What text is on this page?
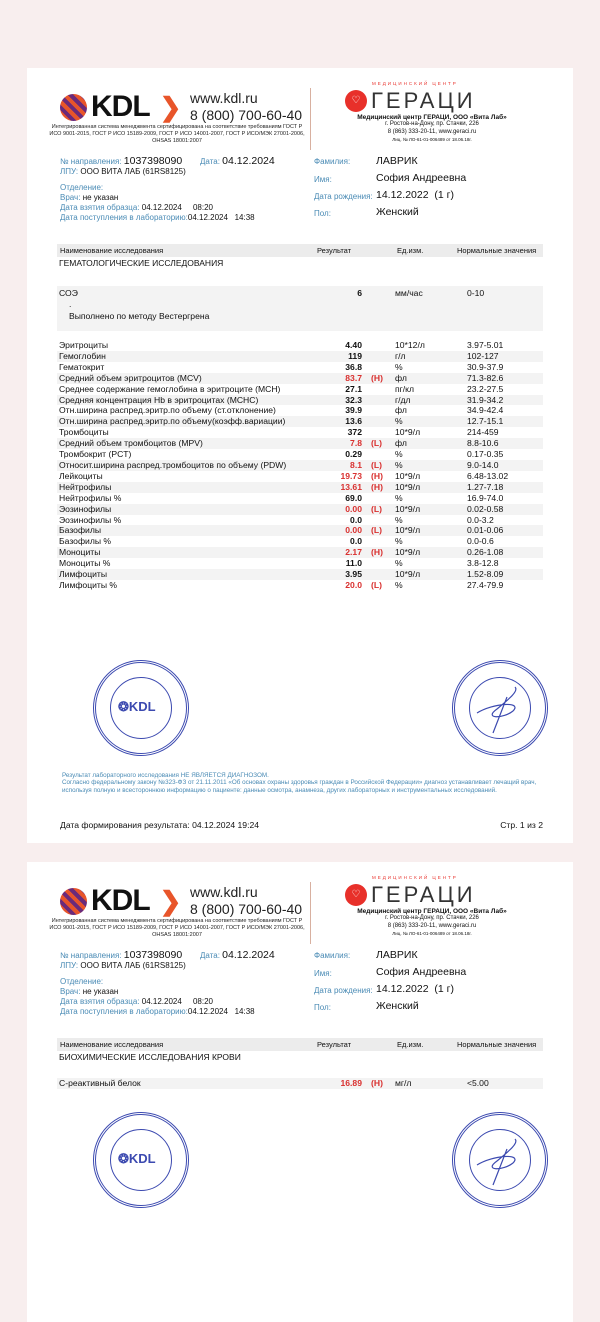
KDL ❯ www.kdl.ru
8 (800) 700-60-40
Интегрированная система менеджмента сертифицирована на соответствие требованиям ГОСТ Р ИСО 9001-2015, ГОСТ Р ИСО 15189-2009, ГОСТ Р ИСО 14001-2007, ГОСТ Р ИСО/МЭК 27001-2006, OHSAS 18001:2007
МЕДИЦИНСКИЙ ЦЕНТР
♡ ГЕРАЦИ
Медицинский центр ГЕРАЦИ, ООО «Вита Лаб»
г. Ростов-на-Дону, пр. Стачки, 226
8 (863) 333-20-11, www.geraci.ru
Лиц. № ЛО-61-01-006489 от 18.06.18г.
№ направления: 1037398090 Дата: 04.12.2024
ЛПУ: ООО ВИТА ЛАБ (61RS8125)
Отделение:
Врач: не указан
Дата взятия образца: 04.12.2024 08:20
Дата поступления в лабораторию:04.12.2024 14:38
Фамилия: ЛАВРИК
Имя:	София Андреевна
Дата рождения: 14.12.2022 (1 г)
Пол:	Женский
Наименование исследования	Результат	Ед.изм.	Нормальные значения
ГЕМАТОЛОГИЧЕСКИЕ ИССЛЕДОВАНИЯ
СОЭ	6	мм/час	0-10
.
Выполнено по методу Вестергрена
Эритроциты	4.40	10*12/л	3.97-5.01
Гемоглобин	119	г/л	102-127
Гематокрит	36.8	%	30.9-37.9
Средний объем эритроцитов (MCV)	83.7 (H) фл	71.3-82.6
Среднее содержание гемоглобина в эритроците (MCH)	27.1	пг/кл	23.2-27.5
Средняя концентрация Hb в эритроцитах (MCHC)	32.3	г/дл	31.9-34.2
Отн.ширина распред.эритр.по объему (ст.отклонение)	39.9	фл	34.9-42.4
Отн.ширина распред.эритр.по объему(коэфф.вариации)	13.6	%	12.7-15.1
Тромбоциты	372	10*9/л	214-459
Средний объем тромбоцитов (MPV)	7.8 (L) фл	8.8-10.6
Тромбокрит (PCT)	0.29	%	0.17-0.35
Относит.ширина распред.тромбоцитов по объему (PDW)	8.1 (L) %	9.0-14.0
Лейкоциты	19.73 (H) 10*9/л	6.48-13.02
Нейтрофилы	13.61 (H) 10*9/л	1.27-7.18
Нейтрофилы %	69.0	%	16.9-74.0
Эозинофилы	0.00 (L) 10*9/л	0.02-0.58
Эозинофилы %	0.0	%	0.0-3.2
Базофилы	0.00 (L) 10*9/л	0.01-0.06
Базофилы %	0.0	%	0.0-0.6
Моноциты	2.17 (H) 10*9/л	0.26-1.08
Моноциты %	11.0	%	3.8-12.8
Лимфоциты	3.95	10*9/л	1.52-8.09
Лимфоциты %	20.0 (L) %	27.4-79.9
❂KDL
Результат лабораторного исследования НЕ ЯВЛЯЕТСЯ ДИАГНОЗОМ.
Согласно федеральному закону №323-ФЗ от 21.11.2011 «Об основах охраны здоровья граждан в Российской Федерации» диагноз устанавливает лечащий врач, используя полную и всестороннюю информацию о пациенте: данные осмотра, анамнеза, других лабораторных и инструментальных исследований.
Дата формирования результата: 04.12.2024 19:24	Стр. 1 из 2
KDL ❯ www.kdl.ru
8 (800) 700-60-40
Интегрированная система менеджмента сертифицирована на соответствие требованиям ГОСТ Р ИСО 9001-2015, ГОСТ Р ИСО 15189-2009, ГОСТ Р ИСО 14001-2007, ГОСТ Р ИСО/МЭК 27001-2006, OHSAS 18001:2007
МЕДИЦИНСКИЙ ЦЕНТР
♡ ГЕРАЦИ
Медицинский центр ГЕРАЦИ, ООО «Вита Лаб»
г. Ростов-на-Дону, пр. Стачки, 226
8 (863) 333-20-11, www.geraci.ru
Лиц. № ЛО-61-01-006489 от 18.06.18г.
№ направления: 1037398090 Дата: 04.12.2024
ЛПУ: ООО ВИТА ЛАБ (61RS8125)
Отделение:
Врач: не указан
Дата взятия образца: 04.12.2024 08:20
Дата поступления в лабораторию:04.12.2024 14:38
Фамилия: ЛАВРИК
Имя:	София Андреевна
Дата рождения: 14.12.2022 (1 г)
Пол:	Женский
Наименование исследования	Результат	Ед.изм.	Нормальные значения
БИОХИМИЧЕСКИЕ ИССЛЕДОВАНИЯ КРОВИ
С-реактивный белок	16.89 (H) мг/л	<5.00
❂KDL
